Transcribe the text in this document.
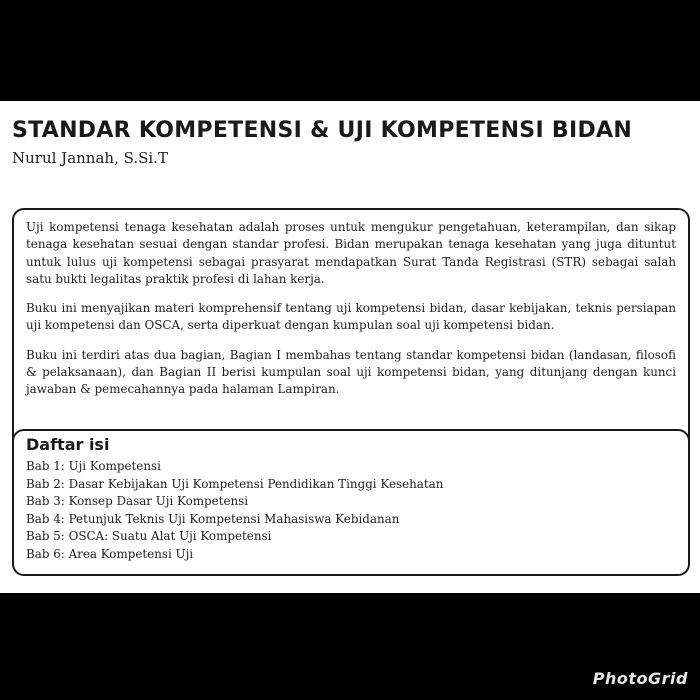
STANDAR KOMPETENSI & UJI KOMPETENSI BIDAN
Nurul Jannah, S.Si.T

Uji kompetensi tenaga kesehatan adalah proses untuk mengukur pengetahuan, keterampilan, dan sikap tenaga kesehatan sesuai dengan standar profesi. Bidan merupakan tenaga kesehatan yang juga dituntut untuk lulus uji kompetensi sebagai prasyarat mendapatkan Surat Tanda Registrasi (STR) sebagai salah satu bukti legalitas praktik profesi di lahan kerja.

Buku ini menyajikan materi komprehensif tentang uji kompetensi bidan, dasar kebijakan, teknis persiapan uji kompetensi dan OSCA, serta diperkuat dengan kumpulan soal uji kompetensi bidan.

Buku ini terdiri atas dua bagian, Bagian I membahas tentang standar kompetensi bidan (landasan, filosofi & pelaksanaan), dan Bagian II berisi kumpulan soal uji kompetensi bidan, yang ditunjang dengan kunci jawaban & pemecahannya pada halaman Lampiran.

Daftar isi
Bab 1: Uji Kompetensi
Bab 2: Dasar Kebijakan Uji Kompetensi Pendidikan Tinggi Kesehatan
Bab 3: Konsep Dasar Uji Kompetensi
Bab 4: Petunjuk Teknis Uji Kompetensi Mahasiswa Kebidanan
Bab 5: OSCA: Suatu Alat Uji Kompetensi
Bab 6: Area Kompetensi Uji
PhotoGrid
